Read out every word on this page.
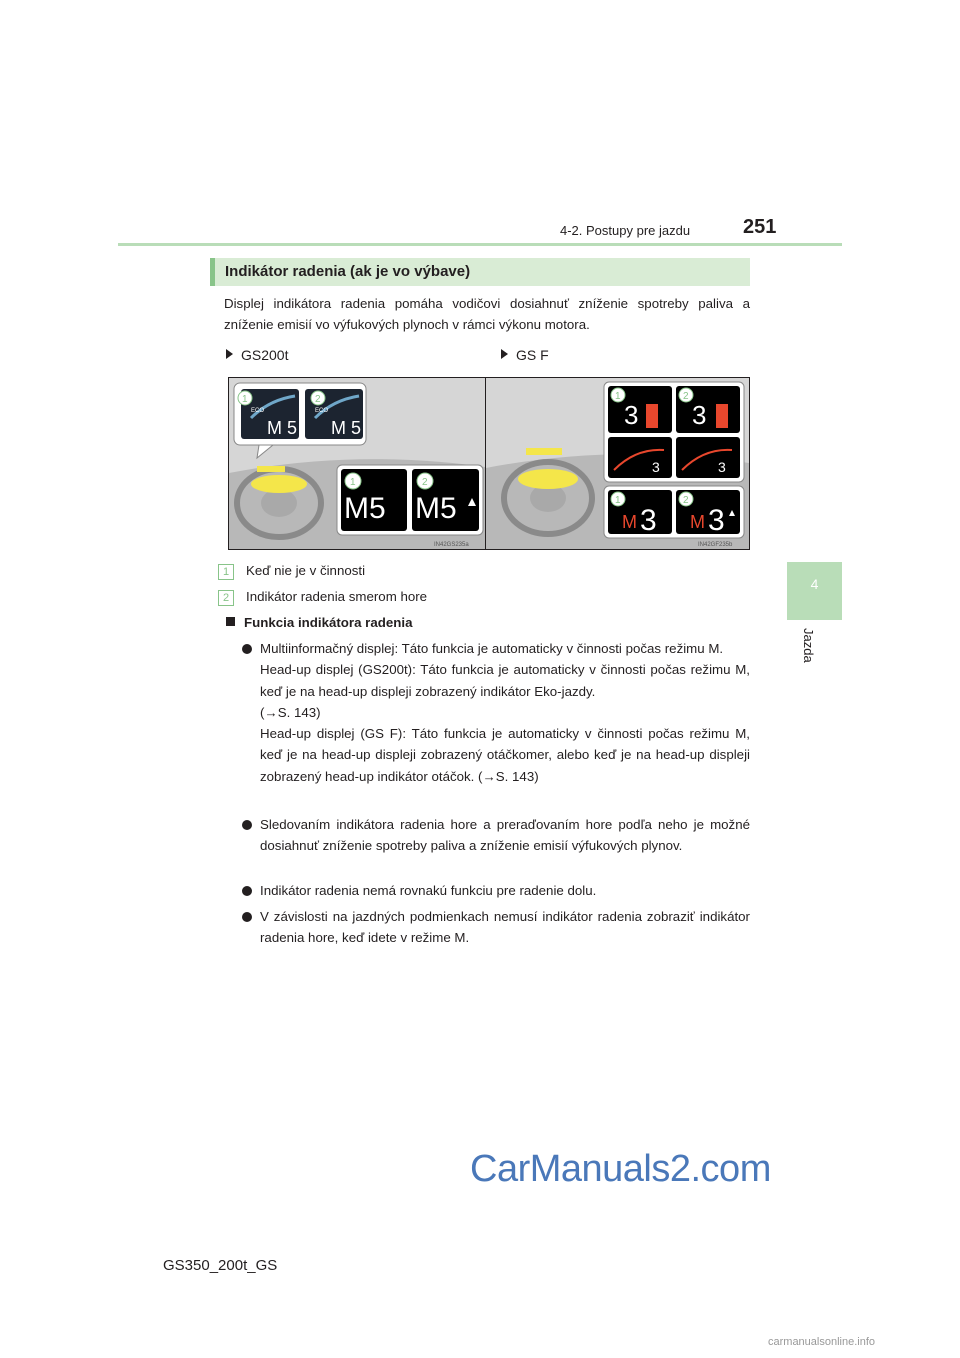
4-2. Postupy pre jazdu	251
4
Jazda
Indikátor radenia (ak je vo výbave)
Displej indikátora radenia pomáha vodičovi dosiahnuť zníženie spotreby paliva a zníženie emisií vo výfukových plynoch v rámci výkonu motora.
GS200t	GS F
ECO	ECO
M 5 M 5
1	2
M5 M5
1	2
IN42GS235a
3 3
3	3
1	2
M 3 M 3
1	2
IN42GF235b
1 Keď nie je v činnosti
2 Indikátor radenia smerom hore
Funkcia indikátora radenia
Multiinformačný displej: Táto funkcia je automaticky v činnosti počas režimu M.
Head-up displej (GS200t): Táto funkcia je automaticky v činnosti počas režimu M, keď je na head-up displeji zobrazený indikátor Eko-jazdy.
(→S. 143)
Head-up displej (GS F): Táto funkcia je automaticky v činnosti počas režimu M, keď je na head-up displeji zobrazený otáčkomer, alebo keď je na head-up displeji zobrazený head-up indikátor otáčok. (→S. 143)
Sledovaním indikátora radenia hore a preraďovaním hore podľa neho je možné dosiahnuť zníženie spotreby paliva a zníženie emisií výfukových plynov.
Indikátor radenia nemá rovnakú funkciu pre radenie dolu.
V závislosti na jazdných podmienkach nemusí indikátor radenia zobraziť indikátor radenia hore, keď idete v režime M.
CarManuals2.com
GS350_200t_GS
carmanualsonline.info
